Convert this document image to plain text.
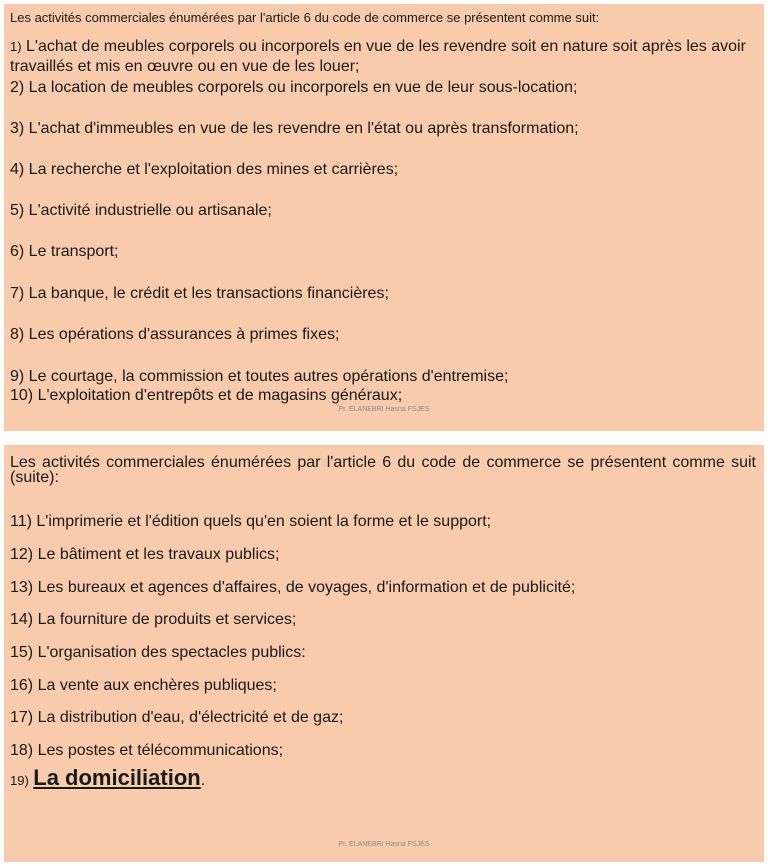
Les activités commerciales énumérées par l'article 6 du code de commerce se présentent comme suit:
1) L'achat de meubles corporels ou incorporels en vue de les revendre soit en nature soit après les avoir travaillés et mis en œuvre ou en vue de les louer;
2) La location de meubles corporels ou incorporels en vue de leur sous-location;
3) L'achat d'immeubles en vue de les revendre en l'état ou après transformation;
4) La recherche et l'exploitation des mines et carrières;
5) L'activité industrielle ou artisanale;
6) Le transport;
7) La banque, le crédit et les transactions financières;
8) Les opérations d'assurances à primes fixes;
9) Le courtage, la commission et toutes autres opérations d'entremise;
10) L'exploitation d'entrepôts et de magasins généraux;
Pr. ELANEBRI Hasna FSJES
Les activités commerciales énumérées par l'article 6 du code de commerce se présentent comme suit (suite):
11) L'imprimerie et l'édition quels qu'en soient la forme et le support;
12) Le bâtiment et les travaux publics;
13) Les bureaux et agences d'affaires, de voyages, d'information et de publicité;
14) La fourniture de produits et services;
15) L'organisation des spectacles publics:
16) La vente aux enchères publiques;
17) La distribution d'eau, d'électricité et de gaz;
18) Les postes et télécommunications;
19) La domiciliation.
Pr. ELANEBRI Hasna FSJES
